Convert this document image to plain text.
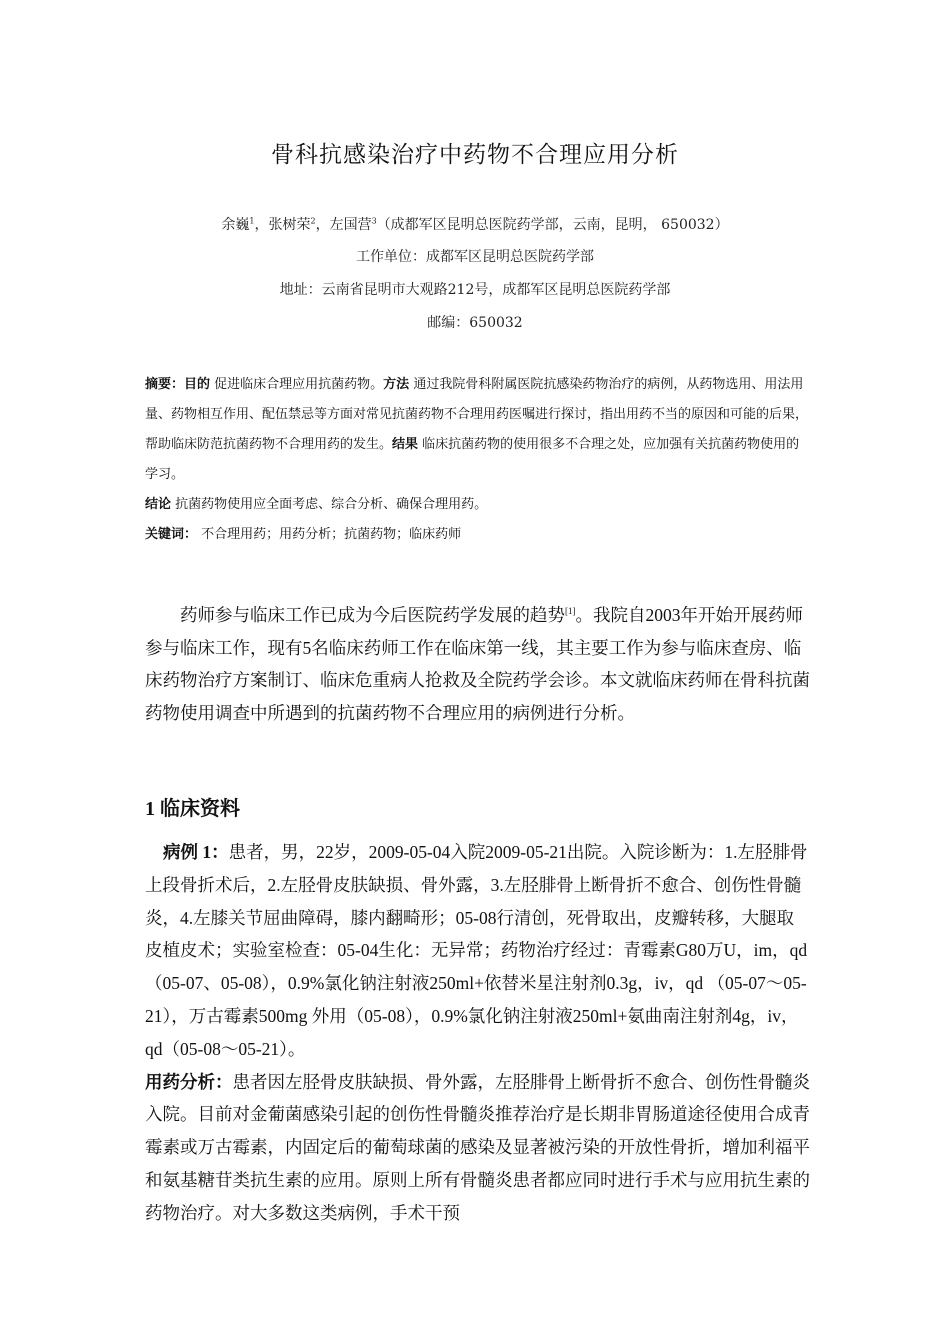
骨科抗感染治疗中药物不合理应用分析
余巍$^1$，张树荣$^2$，左国营$^3$（成都军区昆明总医院药学部，云南，昆明， 650032）
工作单位：成都军区昆明总医院药学部
地址：云南省昆明市大观路212号，成都军区昆明总医院药学部
邮编：650032

摘要：目的 促进临床合理应用抗菌药物。方法 通过我院骨科附属医院抗感染药物治疗的病例，从药物选用、用法用量、药物相互作用、配伍禁忌等方面对常见抗菌药物不合理用药医嘱进行探讨，指出用药不当的原因和可能的后果，帮助临床防范抗菌药物不合理用药的发生。结果 临床抗菌药物的使用很多不合理之处，应加强有关抗菌药物使用的学习。

结论 抗菌药物使用应全面考虑、综合分析、确保合理用药。

关键词： 不合理用药；用药分析；抗菌药物；临床药师

药师参与临床工作已成为今后医院药学发展的趋势[1]。我院自2003年开始开展药师参与临床工作，现有5名临床药师工作在临床第一线，其主要工作为参与临床查房、临床药物治疗方案制订、临床危重病人抢救及全院药学会诊。本文就临床药师在骨科抗菌药物使用调查中所遇到的抗菌药物不合理应用的病例进行分析。

1 临床资料

病例 1：患者，男，22岁，2009-05-04入院2009-05-21出院。入院诊断为：1.左胫腓骨上段骨折术后，2.左胫骨皮肤缺损、骨外露，3.左胫腓骨上断骨折不愈合、创伤性骨髓炎，4.左膝关节屈曲障碍，膝内翻畸形；05-08行清创，死骨取出，皮瓣转移，大腿取皮植皮术；实验室检查：05-04生化：无异常；药物治疗经过：青霉素G80万U，im，qd（05-07、05-08），0.9%氯化钠注射液250ml+依替米星注射剂0.3g，iv，qd （05-07～05-21），万古霉素500mg 外用（05-08），0.9%氯化钠注射液250ml+氨曲南注射剂4g，iv， qd（05-08～05-21）。

用药分析：患者因左胫骨皮肤缺损、骨外露，左胫腓骨上断骨折不愈合、创伤性骨髓炎入院。目前对金葡菌感染引起的创伤性骨髓炎推荐治疗是长期非胃肠道途径使用合成青霉素或万古霉素，内固定后的葡萄球菌的感染及显著被污染的开放性骨折，增加利福平和氨基糖苷类抗生素的应用。原则上所有骨髓炎患者都应同时进行手术与应用抗生素的药物治疗。对大多数这类病例，手术干预
